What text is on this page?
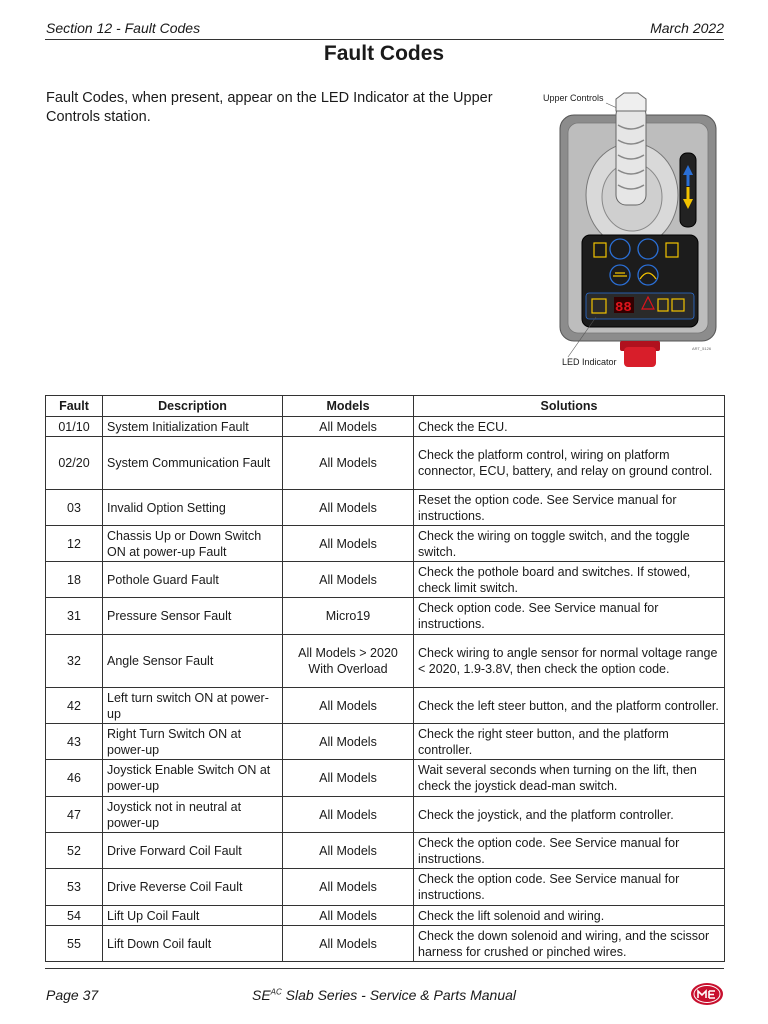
Section 12 - Fault Codes	March 2022
Fault Codes
Fault Codes, when present, appear on the LED Indicator at the Upper Controls station.
Upper Controls
88
ART_5126
LED Indicator
Fault	Description	Models	Solutions
01/10	System Initialization Fault	All Models	Check the ECU.
02/20	System Communication Fault	All Models	Check the platform control, wiring on platform connector, ECU, battery, and relay on ground control.
03	Invalid Option Setting	All Models	Reset the option code. See Service manual for instructions.
12	Chassis Up or Down Switch ON at power-up Fault	All Models	Check the wiring on toggle switch, and the toggle switch.
18	Pothole Guard Fault	All Models	Check the pothole board and switches. If stowed, check limit switch.
31	Pressure Sensor Fault	Micro19	Check option code. See Service manual for instructions.
32	Angle Sensor Fault	All Models > 2020 With Overload	Check wiring to angle sensor for normal voltage range < 2020, 1.9-3.8V, then check the option code.
42	Left turn switch ON at power-up	All Models	Check the left steer button, and the platform controller.
43	Right Turn Switch ON at power-up	All Models	Check the right steer button, and the platform controller.
46	Joystick Enable Switch ON at power-up	All Models	Wait several seconds when turning on the lift, then check the joystick dead-man switch.
47	Joystick not in neutral at power-up	All Models	Check the joystick, and the platform controller.
52	Drive Forward Coil Fault	All Models	Check the option code. See Service manual for instructions.
53	Drive Reverse Coil Fault	All Models	Check the option code. See Service manual for instructions.
54	Lift Up Coil Fault	All Models	Check the lift solenoid and wiring.
55	Lift Down Coil fault	All Models	Check the down solenoid and wiring, and the scissor harness for crushed or pinched wires.
Page 37	$SE^{AC}$ Slab Series - Service & Parts Manual
